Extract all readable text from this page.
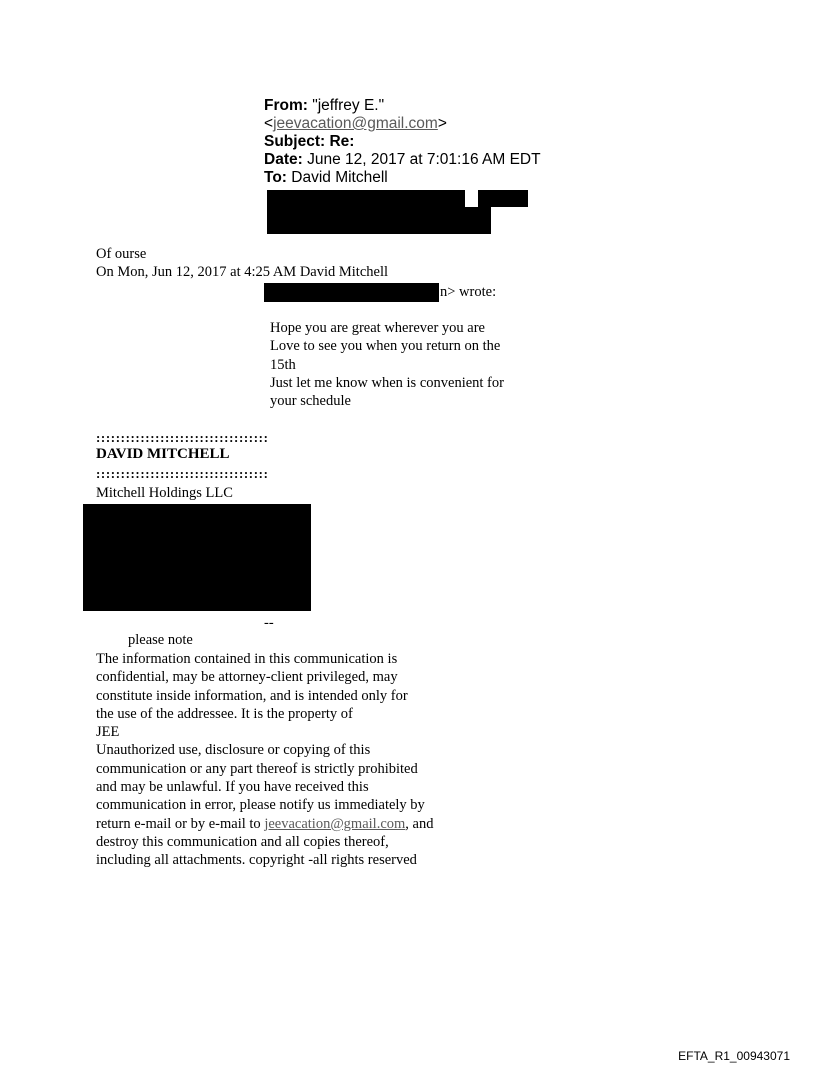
From: "jeffrey E."
<jeevacation@gmail.com>
Subject: Re:
Date: June 12, 2017 at 7:01:16 AM EDT
To: David Mitchell
Of ourse
On Mon, Jun 12, 2017 at 4:25 AM David Mitchell
n> wrote:

Hope you are great wherever you are

Love to see you when you return on the

15th

Just let me know when is convenient for

your schedule

:::::::::::::::::::::::::::::::::::
DAVID MITCHELL
:::::::::::::::::::::::::::::::::::
Mitchell Holdings LLC
--
please note
The information contained in this communication is
confidential, may be attorney-client privileged, may
constitute inside information, and is intended only for
the use of the addressee. It is the property of
JEE
Unauthorized use, disclosure or copying of this
communication or any part thereof is strictly prohibited
and may be unlawful. If you have received this
communication in error, please notify us immediately by
return e-mail or by e-mail to jeevacation@gmail.com, and
destroy this communication and all copies thereof,
including all attachments. copyright -all rights reserved
EFTA_R1_00943071
